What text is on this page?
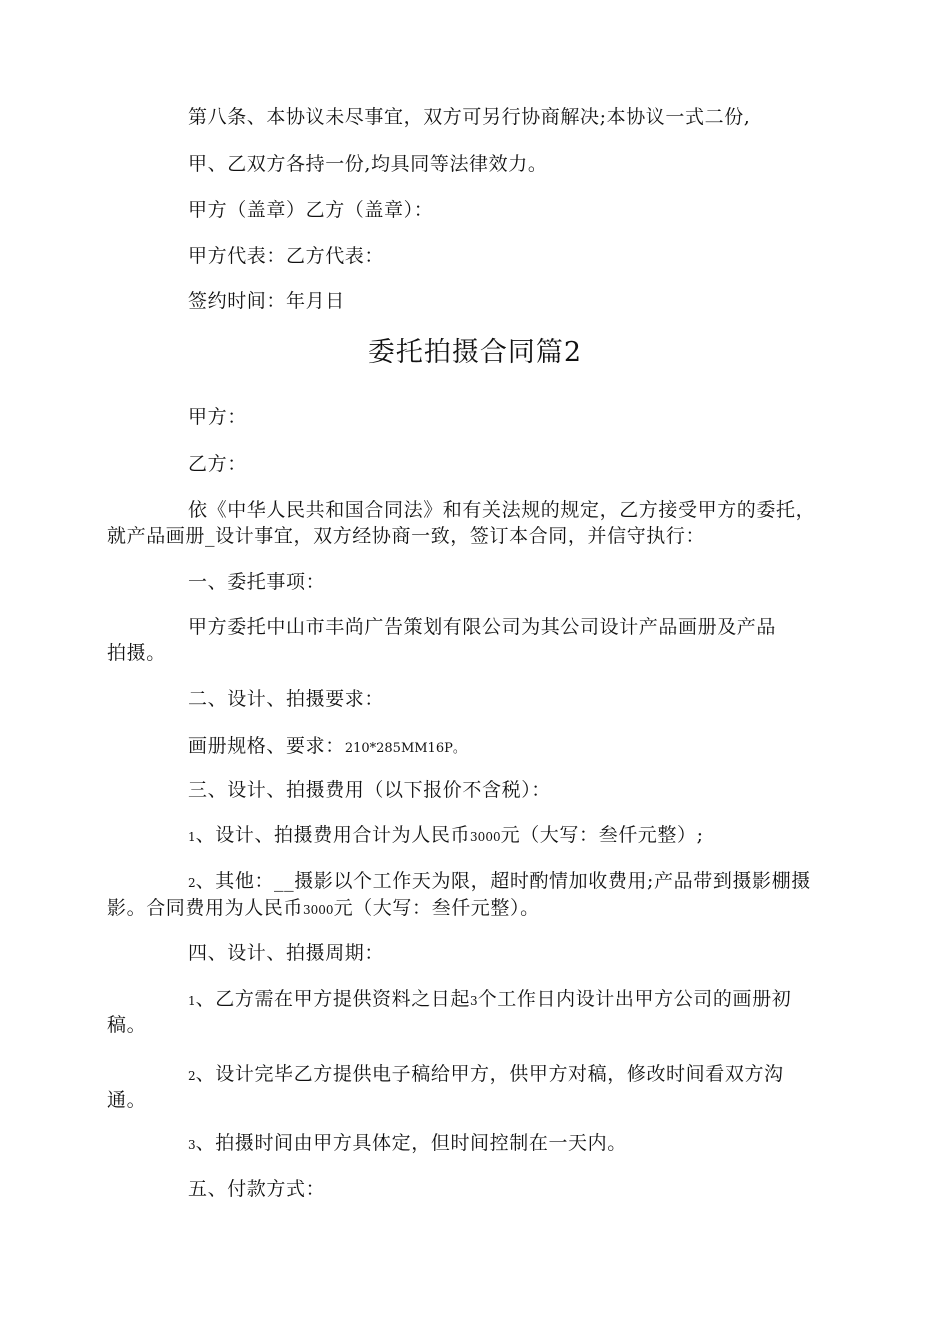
第八条、本协议未尽事宜，双方可另行协商解决;本协议一式二份,
甲、乙双方各持一份,均具同等法律效力。
甲方（盖章）乙方（盖章）：
甲方代表：乙方代表：
签约时间：年月日
委托拍摄合同篇2
甲方：
乙方：
依《中华人民共和国合同法》和有关法规的规定，乙方接受甲方的委托，
就产品画册_设计事宜，双方经协商一致，签订本合同，并信守执行：
一、委托事项：
甲方委托中山市丰尚广告策划有限公司为其公司设计产品画册及产品
拍摄。
二、设计、拍摄要求：
画册规格、要求：210*285MM16P。
三、设计、拍摄费用（以下报价不含税）：
1、设计、拍摄费用合计为人民币3000元（大写：叁仟元整）;
2、其他：__摄影以个工作天为限，超时酌情加收费用;产品带到摄影棚摄
影。合同费用为人民币3000元（大写：叁仟元整）。
四、设计、拍摄周期：
1、乙方需在甲方提供资料之日起3个工作日内设计出甲方公司的画册初
稿。
2、设计完毕乙方提供电子稿给甲方，供甲方对稿，修改时间看双方沟
通。
3、拍摄时间由甲方具体定，但时间控制在一天内。
五、付款方式：
